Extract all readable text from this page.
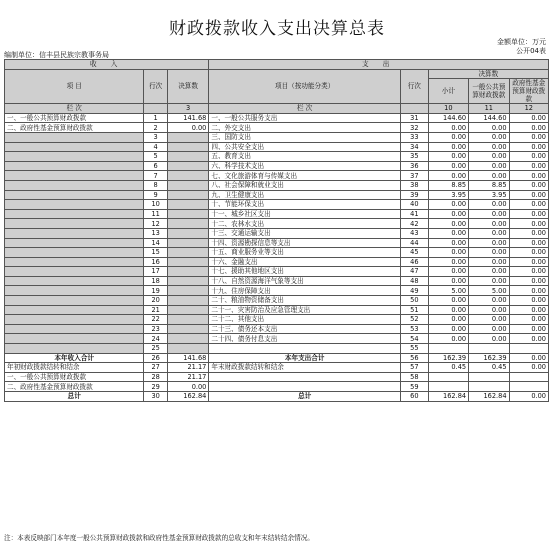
财政拨款收入支出决算总表
金额单位：万元
公开04表
编制单位：信丰县民族宗教事务局
收 入			支 出				
项 目	行次	决算数	项目（按功能分类）	行次	决算数		
					小计	一般公共预算财政拨款	政府性基金预算财政拨款
栏 次		3	栏 次		10	11	12
一、一般公共预算财政拨款	1	141.68	一、一般公共服务支出	31	144.60	144.60	0.00
二、政府性基金预算财政拨款	2	0.00	二、外交支出	32	0.00	0.00	0.00
	3		三、国防支出	33	0.00	0.00	0.00
	4		四、公共安全支出	34	0.00	0.00	0.00
	5		五、教育支出	35	0.00	0.00	0.00
	6		六、科学技术支出	36	0.00	0.00	0.00
	7		七、文化旅游体育与传媒支出	37	0.00	0.00	0.00
	8		八、社会保障和就业支出	38	8.85	8.85	0.00
	9		九、卫生健康支出	39	3.95	3.95	0.00
	10		十、节能环保支出	40	0.00	0.00	0.00
	11		十一、城乡社区支出	41	0.00	0.00	0.00
	12		十二、农林水支出	42	0.00	0.00	0.00
	13		十三、交通运输支出	43	0.00	0.00	0.00
	14		十四、资源勘探信息等支出	44	0.00	0.00	0.00
	15		十五、商业服务业等支出	45	0.00	0.00	0.00
	16		十六、金融支出	46	0.00	0.00	0.00
	17		十七、援助其他地区支出	47	0.00	0.00	0.00
	18		十八、自然资源海洋气象等支出	48	0.00	0.00	0.00
	19		十九、住房保障支出	49	5.00	5.00	0.00
	20		二十、粮油物资储备支出	50	0.00	0.00	0.00
	21		二十一、灾害防治及应急管理支出	51	0.00	0.00	0.00
	22		二十二、其他支出	52	0.00	0.00	0.00
	23		二十三、债务还本支出	53	0.00	0.00	0.00
	24		二十四、债务付息支出	54	0.00	0.00	0.00
	25			55			
本年收入合计	26	141.68	本年支出合计	56	162.39	162.39	0.00
年初财政拨款结转和结余	27	21.17	年末财政拨款结转和结余	57	0.45	0.45	0.00
一、一般公共预算财政拨款	28	21.17		58			
二、政府性基金预算财政拨款	29	0.00		59			
总计	30	162.84	总计	60	162.84	162.84	0.00
注：本表反映部门本年度一般公共预算财政拨款和政府性基金预算财政拨款的总收支和年末结转结余情况。
